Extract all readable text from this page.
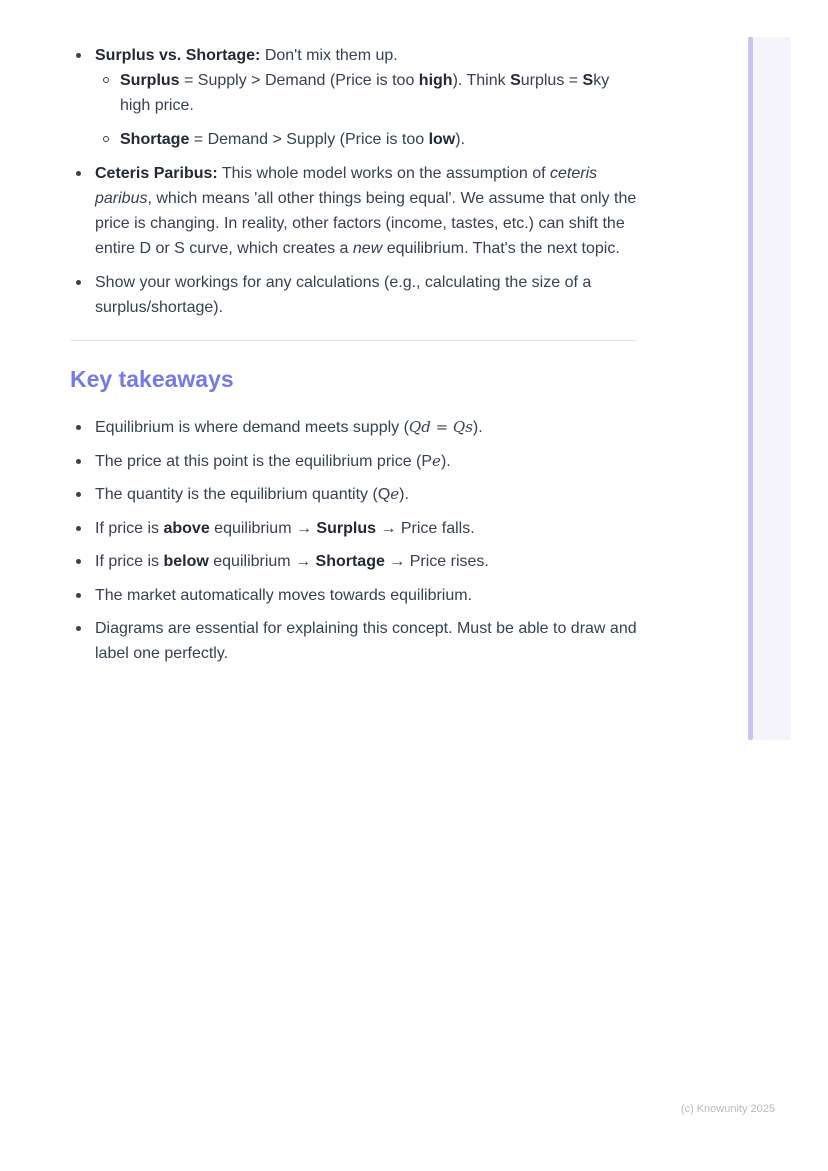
Surplus vs. Shortage: Don't mix them up.
Surplus = Supply > Demand (Price is too high). Think Surplus = Sky high price.
Shortage = Demand > Supply (Price is too low).
Ceteris Paribus: This whole model works on the assumption of ceteris paribus, which means 'all other things being equal'. We assume that only the price is changing. In reality, other factors (income, tastes, etc.) can shift the entire D or S curve, which creates a new equilibrium. That's the next topic.
Show your workings for any calculations (e.g., calculating the size of a surplus/shortage).
Key takeaways
Equilibrium is where demand meets supply (Qd = Qs).
The price at this point is the equilibrium price (Pe).
The quantity is the equilibrium quantity (Qe).
If price is above equilibrium → Surplus → Price falls.
If price is below equilibrium → Shortage → Price rises.
The market automatically moves towards equilibrium.
Diagrams are essential for explaining this concept. Must be able to draw and label one perfectly.
(c) Knowunity 2025
